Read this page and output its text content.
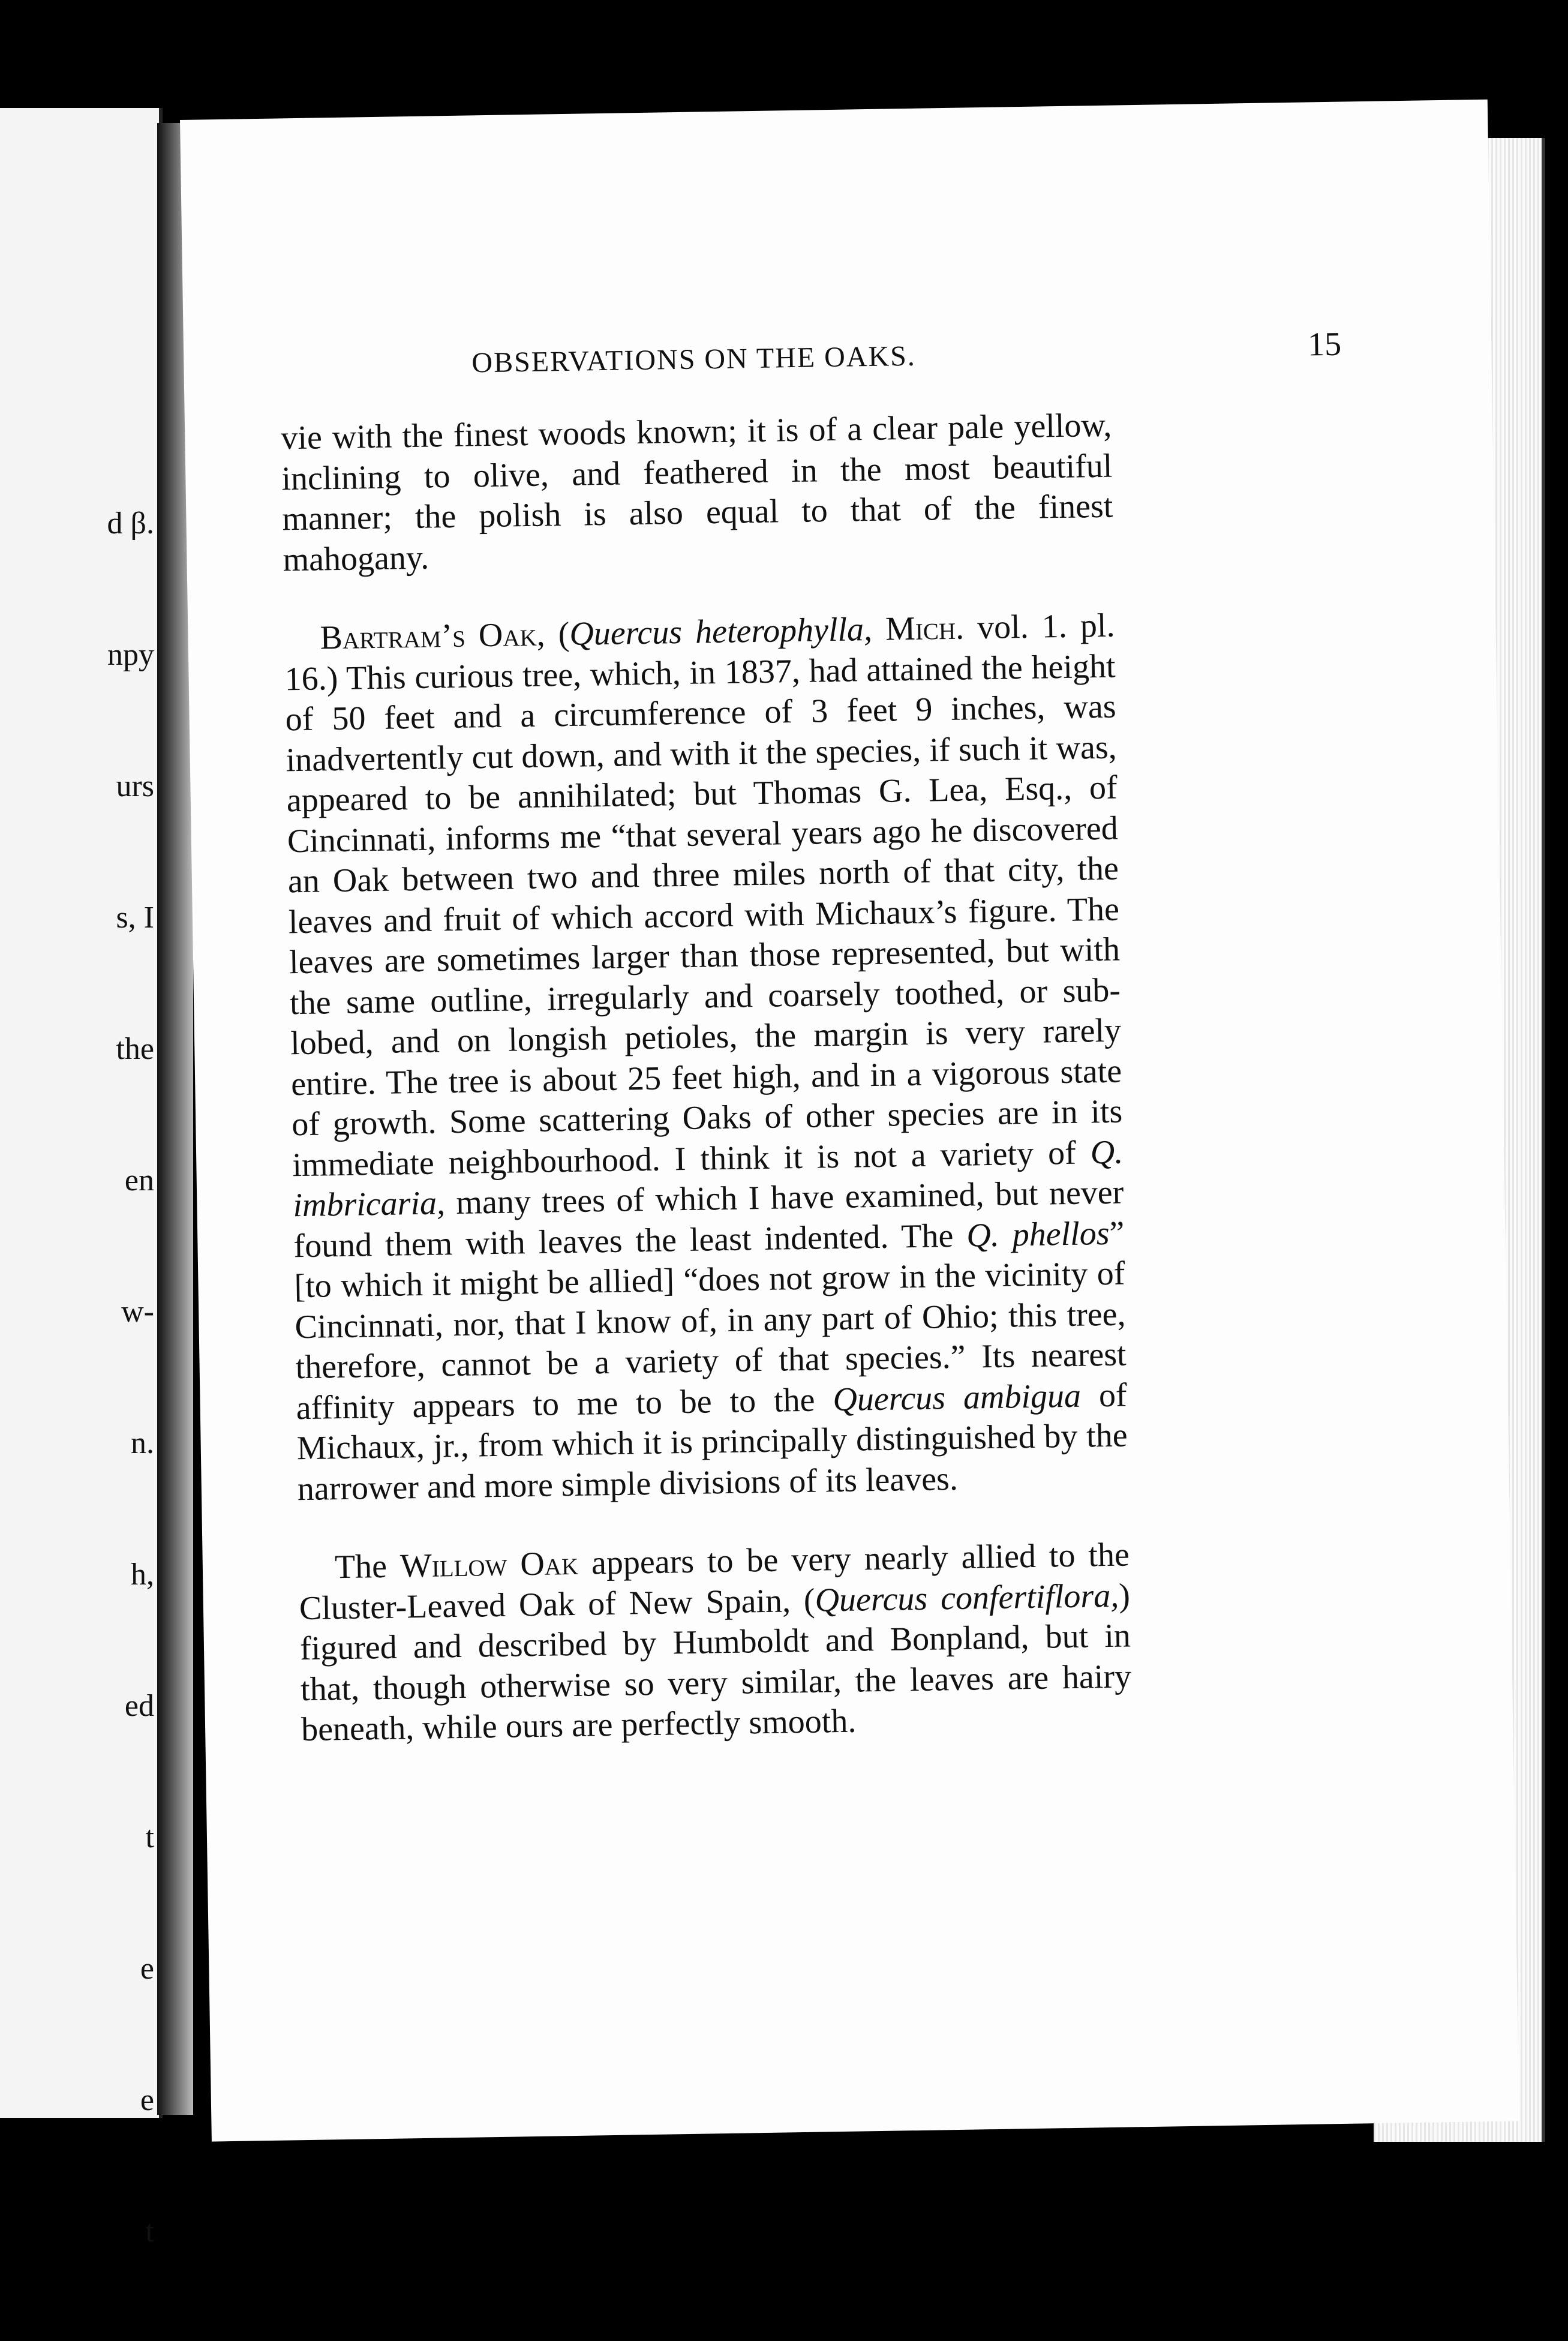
d β.

npy

urs

s, I

the

en

w-

n.

h,

ed

t

e

e

t

OBSERVATIONS ON THE OAKS.	15

vie with the finest woods known; it is of a clear pale yellow, inclining to olive, and feathered in the most beautiful manner; the polish is also equal to that of the finest mahogany.

Bartram’s Oak, (Quercus heterophylla, Mich. vol. 1. pl. 16.) This curious tree, which, in 1837, had attained the height of 50 feet and a circumference of 3 feet 9 inches, was inadvertently cut down, and with it the species, if such it was, appeared to be annihilated; but Thomas G. Lea, Esq., of Cincinnati, informs me “that several years ago he discovered an Oak between two and three miles north of that city, the leaves and fruit of which accord with Michaux’s figure. The leaves are sometimes larger than those represented, but with the same outline, irregularly and coarsely toothed, or sub-lobed, and on longish petioles, the margin is very rarely entire. The tree is about 25 feet high, and in a vigorous state of growth. Some scattering Oaks of other species are in its immediate neighbourhood. I think it is not a variety of Q. imbricaria, many trees of which I have examined, but never found them with leaves the least indented. The Q. phellos” [to which it might be allied] “does not grow in the vicinity of Cincinnati, nor, that I know of, in any part of Ohio; this tree, therefore, cannot be a variety of that species.” Its nearest affinity appears to me to be to the Quercus ambigua of Michaux, jr., from which it is principally distinguished by the narrower and more simple divisions of its leaves.

The Willow Oak appears to be very nearly allied to the Cluster-Leaved Oak of New Spain, (Quercus confertiflora,) figured and described by Humboldt and Bonpland, but in that, though otherwise so very similar, the leaves are hairy beneath, while ours are perfectly smooth.
